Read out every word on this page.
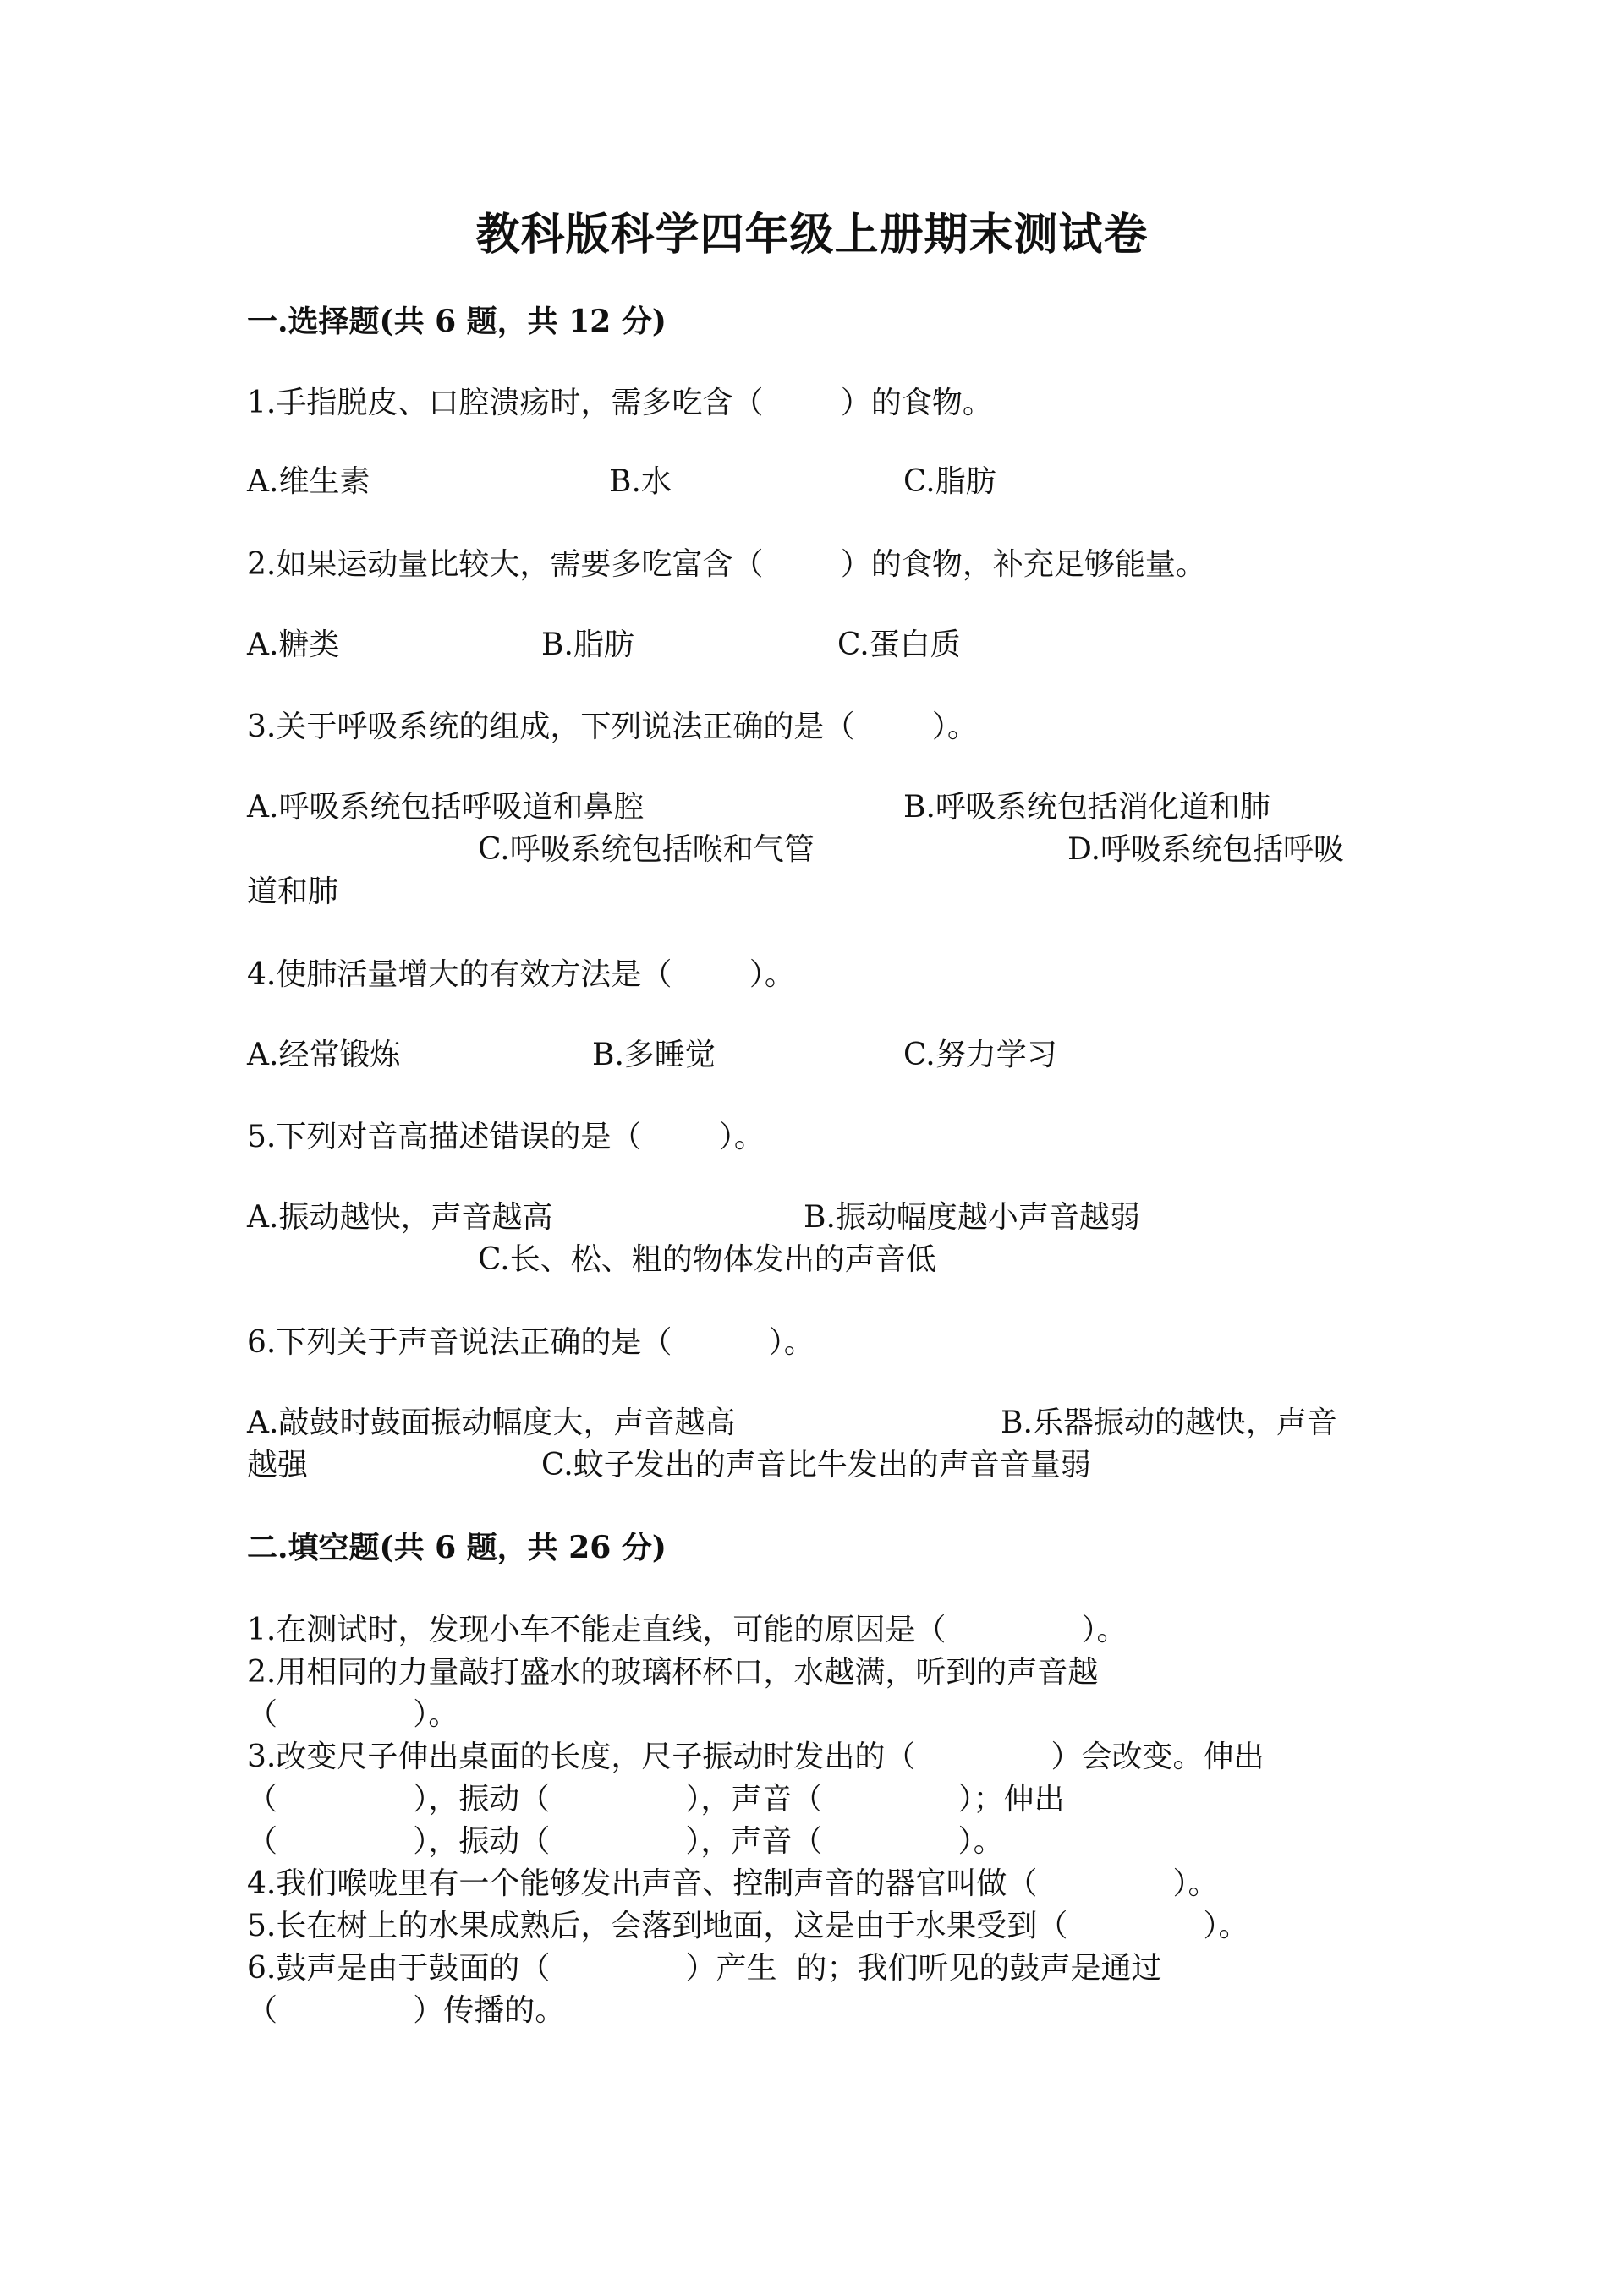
教科版科学四年级上册期末测试卷
一.选择题(共 6 题，共 12 分)
1.手指脱皮、口腔溃疡时，需多吃含（        ）的食物。
A.维生素	B.水	C.脂肪
2.如果运动量比较大，需要多吃富含（        ）的食物，补充足够能量。
A.糖类	B.脂肪	C.蛋白质
3.关于呼吸系统的组成，下列说法正确的是（        ）。
A.呼吸系统包括呼吸道和鼻腔	B.呼吸系统包括消化道和肺
C.呼吸系统包括喉和气管	D.呼吸系统包括呼吸
道和肺
4.使肺活量增大的有效方法是（        ）。
A.经常锻炼	B.多睡觉	C.努力学习
5.下列对音高描述错误的是（        ）。
A.振动越快，声音越高	B.振动幅度越小声音越弱
C.长、松、粗的物体发出的声音低
6.下列关于声音说法正确的是（          ）。
A.敲鼓时鼓面振动幅度大，声音越高	B.乐器振动的越快，声音
越强	C.蚊子发出的声音比牛发出的声音音量弱
二.填空题(共 6 题，共 26 分)
1.在测试时，发现小车不能走直线，可能的原因是（              ）。
2.用相同的力量敲打盛水的玻璃杯杯口，水越满，听到的声音越
（              ）。
3.改变尺子伸出桌面的长度，尺子振动时发出的（              ）会改变。伸出
（              ），振动（              ），声音（              ）；伸出
（              ），振动（              ），声音（              ）。
4.我们喉咙里有一个能够发出声音、控制声音的器官叫做（              ）。
5.长在树上的水果成熟后，会落到地面，这是由于水果受到（              ）。
6.鼓声是由于鼓面的（              ）产生  的；我们听见的鼓声是通过
（              ）传播的。
